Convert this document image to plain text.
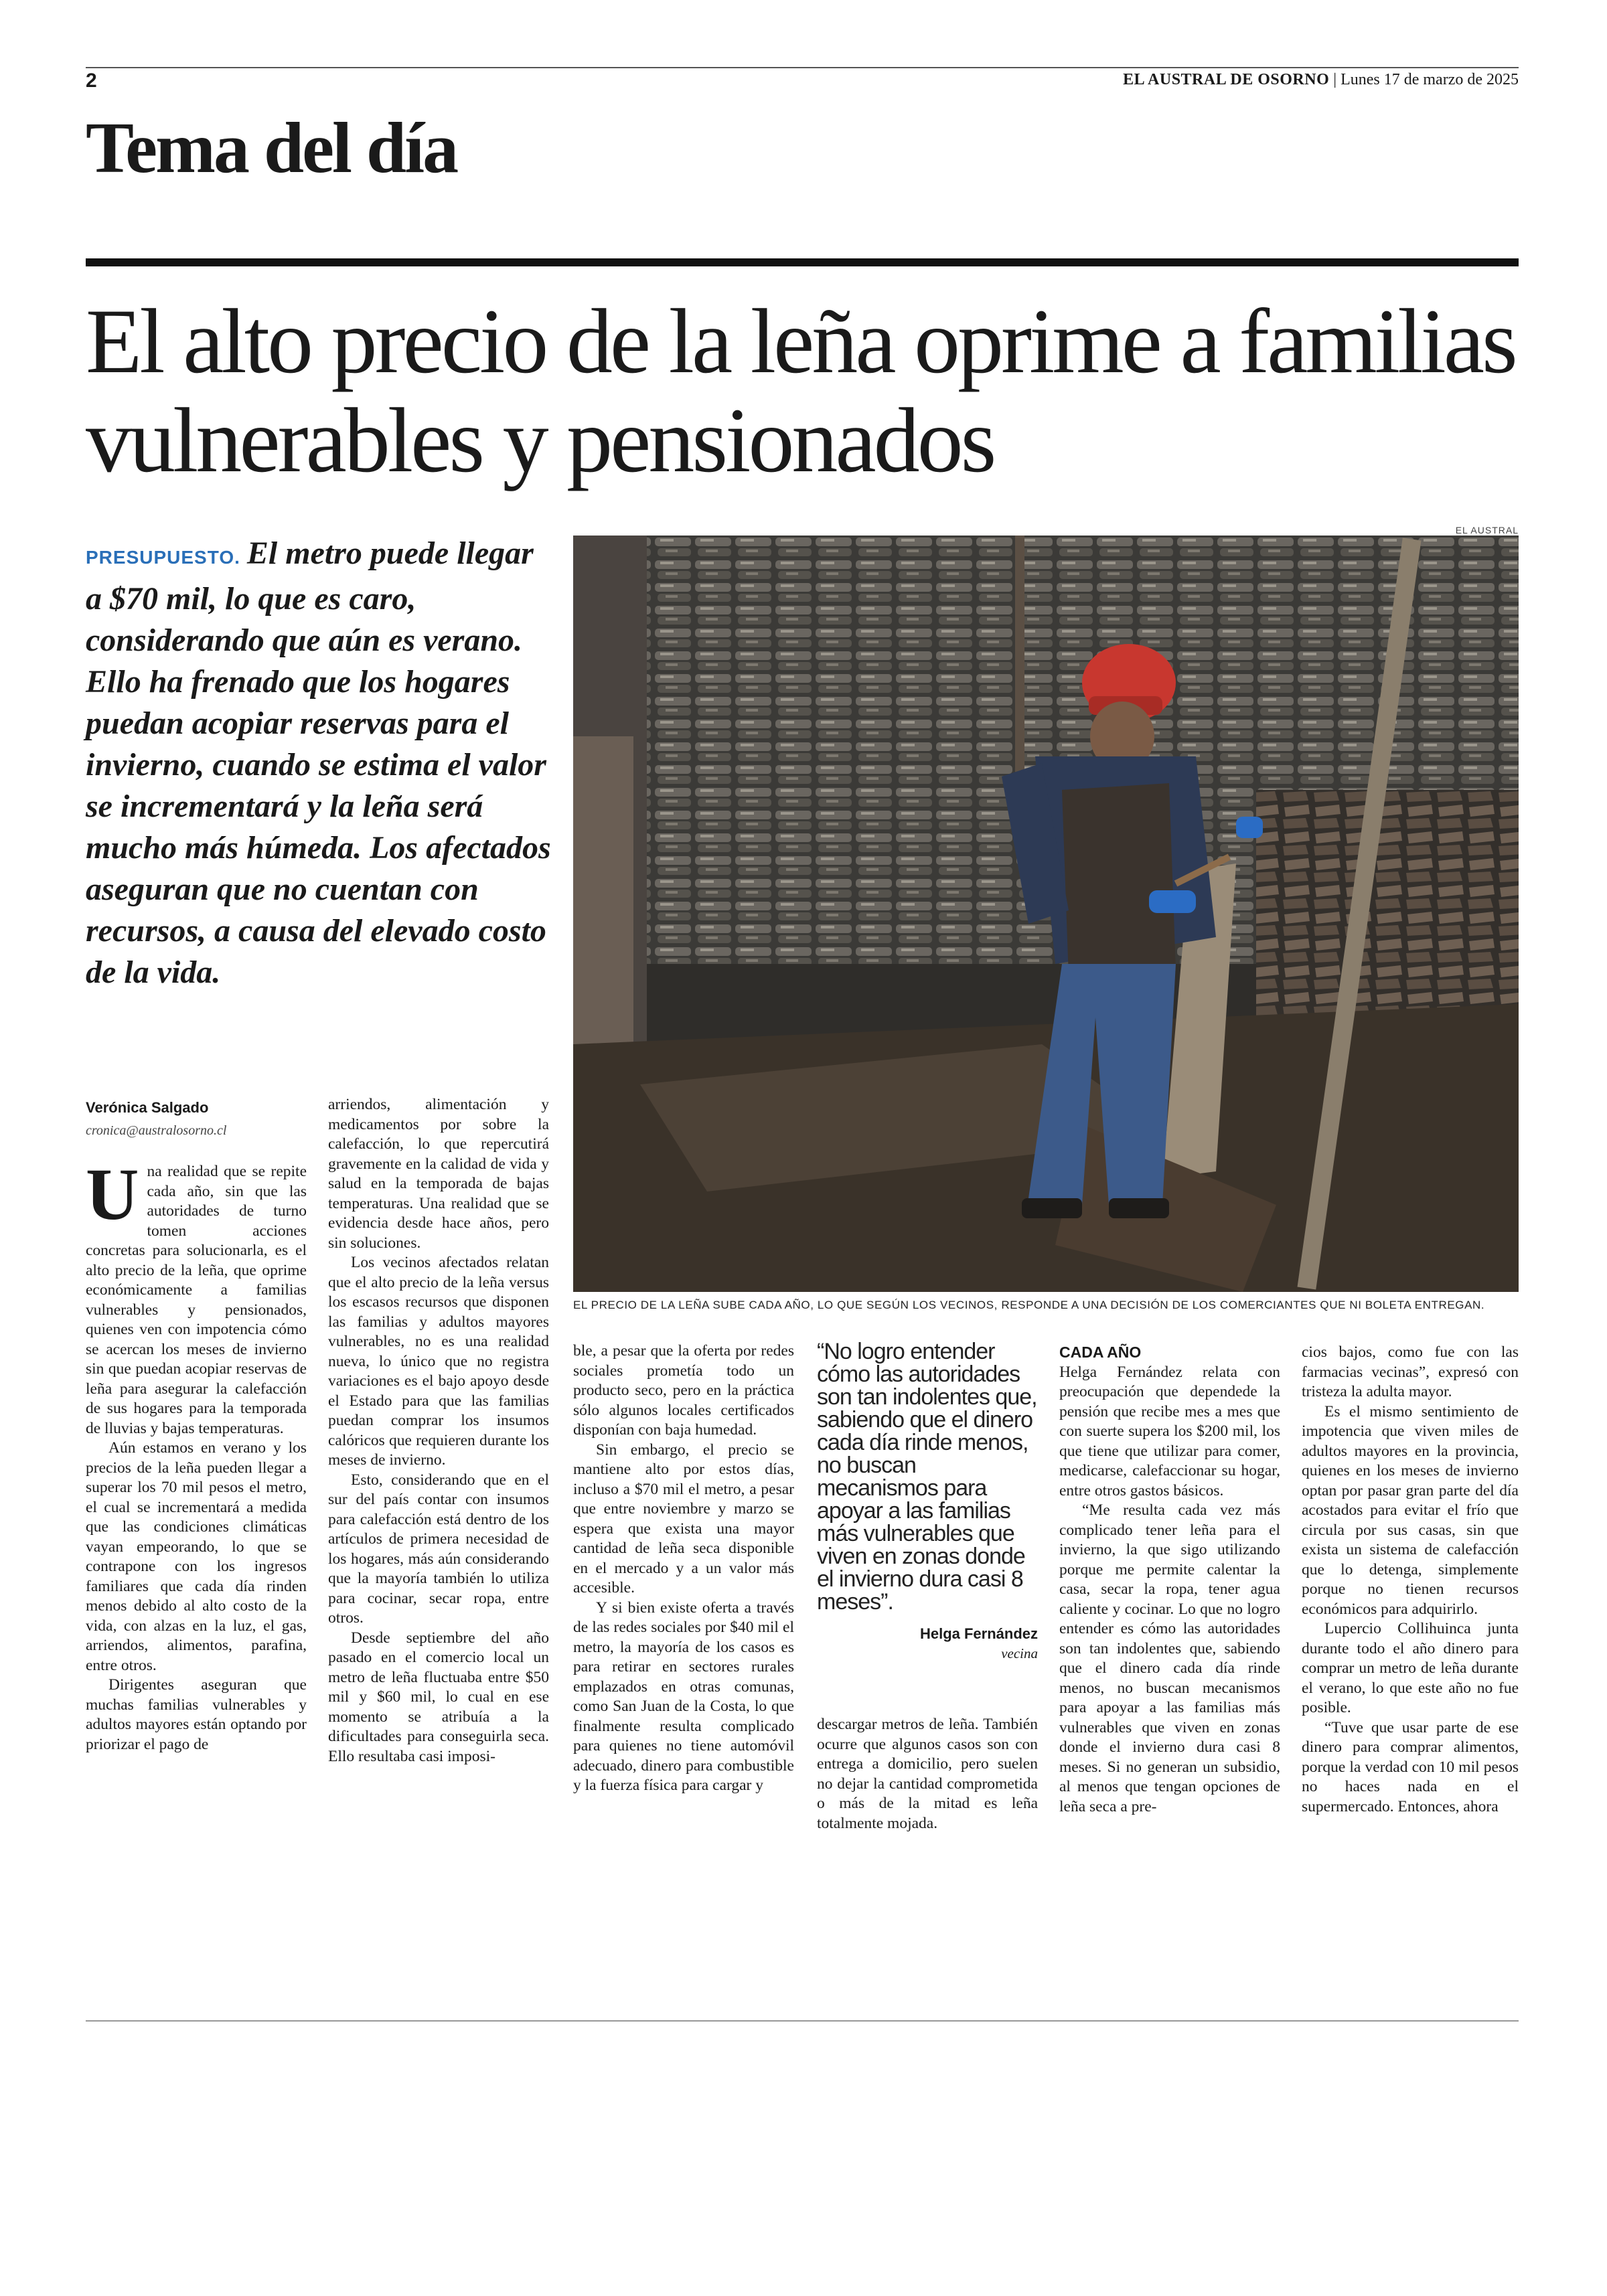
2	EL AUSTRAL DE OSORNO | Lunes 17 de marzo de 2025
Tema del día
El alto precio de la leña oprime a familias vulnerables y pensionados
PRESUPUESTO. El metro puede llegar a $70 mil, lo que es caro, considerando que aún es verano. Ello ha frenado que los hogares puedan acopiar reservas para el invierno, cuando se estima el valor se incrementará y la leña será mucho más húmeda. Los afectados aseguran que no cuentan con recursos, a causa del elevado costo de la vida.
EL AUSTRAL
EL PRECIO DE LA LEÑA SUBE CADA AÑO, LO QUE SEGÚN LOS VECINOS, RESPONDE A UNA DECISIÓN DE LOS COMERCIANTES QUE NI BOLETA ENTREGAN.
Verónica Salgado
cronica@australosorno.cl

Una realidad que se repite cada año, sin que las autoridades de turno tomen acciones concretas para solucionarla, es el alto precio de la leña, que oprime económicamente a familias vulnerables y pensionados, quienes ven con impotencia cómo se acercan los meses de invierno sin que puedan acopiar reservas de leña para asegurar la calefacción de sus hogares para la temporada de lluvias y bajas temperaturas.

Aún estamos en verano y los precios de la leña pueden llegar a superar los 70 mil pesos el metro, el cual se incrementará a medida que las condiciones climáticas vayan empeorando, lo que se contrapone con los ingresos familiares que cada día rinden menos debido al alto costo de la vida, con alzas en la luz, el gas, arriendos, alimentos, parafina, entre otros.

Dirigentes aseguran que muchas familias vulnerables y adultos mayores están optando por priorizar el pago de

arriendos, alimentación y medicamentos por sobre la calefacción, lo que repercutirá gravemente en la calidad de vida y salud en la temporada de bajas temperaturas. Una realidad que se evidencia desde hace años, pero sin soluciones.

Los vecinos afectados relatan que el alto precio de la leña versus los escasos recursos que disponen las familias y adultos mayores vulnerables, no es una realidad nueva, lo único que no registra variaciones es el bajo apoyo desde el Estado para que las familias puedan comprar los insumos calóricos que requieren durante los meses de invierno.

Esto, considerando que en el sur del país contar con insumos para calefacción está dentro de los artículos de primera necesidad de los hogares, más aún considerando que la mayoría también lo utiliza para cocinar, secar ropa, entre otros.

Desde septiembre del año pasado en el comercio local un metro de leña fluctuaba entre $50 mil y $60 mil, lo cual en ese momento se atribuía a la dificultades para conseguirla seca. Ello resultaba casi imposi-

ble, a pesar que la oferta por redes sociales prometía todo un producto seco, pero en la práctica sólo algunos locales certificados disponían con baja humedad.

Sin embargo, el precio se mantiene alto por estos días, incluso a $70 mil el metro, a pesar que entre noviembre y marzo se espera que exista una mayor cantidad de leña seca disponible en el mercado y a un valor más accesible.

Y si bien existe oferta a través de las redes sociales por $40 mil el metro, la mayoría de los casos es para retirar en sectores rurales emplazados en otras comunas, como San Juan de la Costa, lo que finalmente resulta complicado para quienes no tiene automóvil adecuado, dinero para combustible y la fuerza física para cargar y

“No logro entender cómo las autoridades son tan indolentes que, sabiendo que el dinero cada día rinde menos, no buscan mecanismos para apoyar a las familias más vulnerables que viven en zonas donde el invierno dura casi 8 meses”.
Helga Fernández
vecina

descargar metros de leña. También ocurre que algunos casos son con entrega a domicilio, pero suelen no dejar la cantidad comprometida o más de la mitad es leña totalmente mojada.

CADA AÑO

Helga Fernández relata con preocupación que dependede la pensión que recibe mes a mes que con suerte supera los $200 mil, los que tiene que utilizar para comer, medicarse, calefaccionar su hogar, entre otros gastos básicos.

“Me resulta cada vez más complicado tener leña para el invierno, la que sigo utilizando porque me permite calentar la casa, secar la ropa, tener agua caliente y cocinar. Lo que no logro entender es cómo las autoridades son tan indolentes que, sabiendo que el dinero cada día rinde menos, no buscan mecanismos para apoyar a las familias más vulnerables que viven en zonas donde el invierno dura casi 8 meses. Si no generan un subsidio, al menos que tengan opciones de leña seca a pre-

cios bajos, como fue con las farmacias vecinas”, expresó con tristeza la adulta mayor.

Es el mismo sentimiento de impotencia que viven miles de adultos mayores en la provincia, quienes en los meses de invierno optan por pasar gran parte del día acostados para evitar el frío que circula por sus casas, sin que exista un sistema de calefacción que lo detenga, simplemente porque no tienen recursos económicos para adquirirlo.

Lupercio Collihuinca junta durante todo el año dinero para comprar un metro de leña durante el verano, lo que este año no fue posible.

“Tuve que usar parte de ese dinero para comprar alimentos, porque la verdad con 10 mil pesos no haces nada en el supermercado. Entonces, ahora
